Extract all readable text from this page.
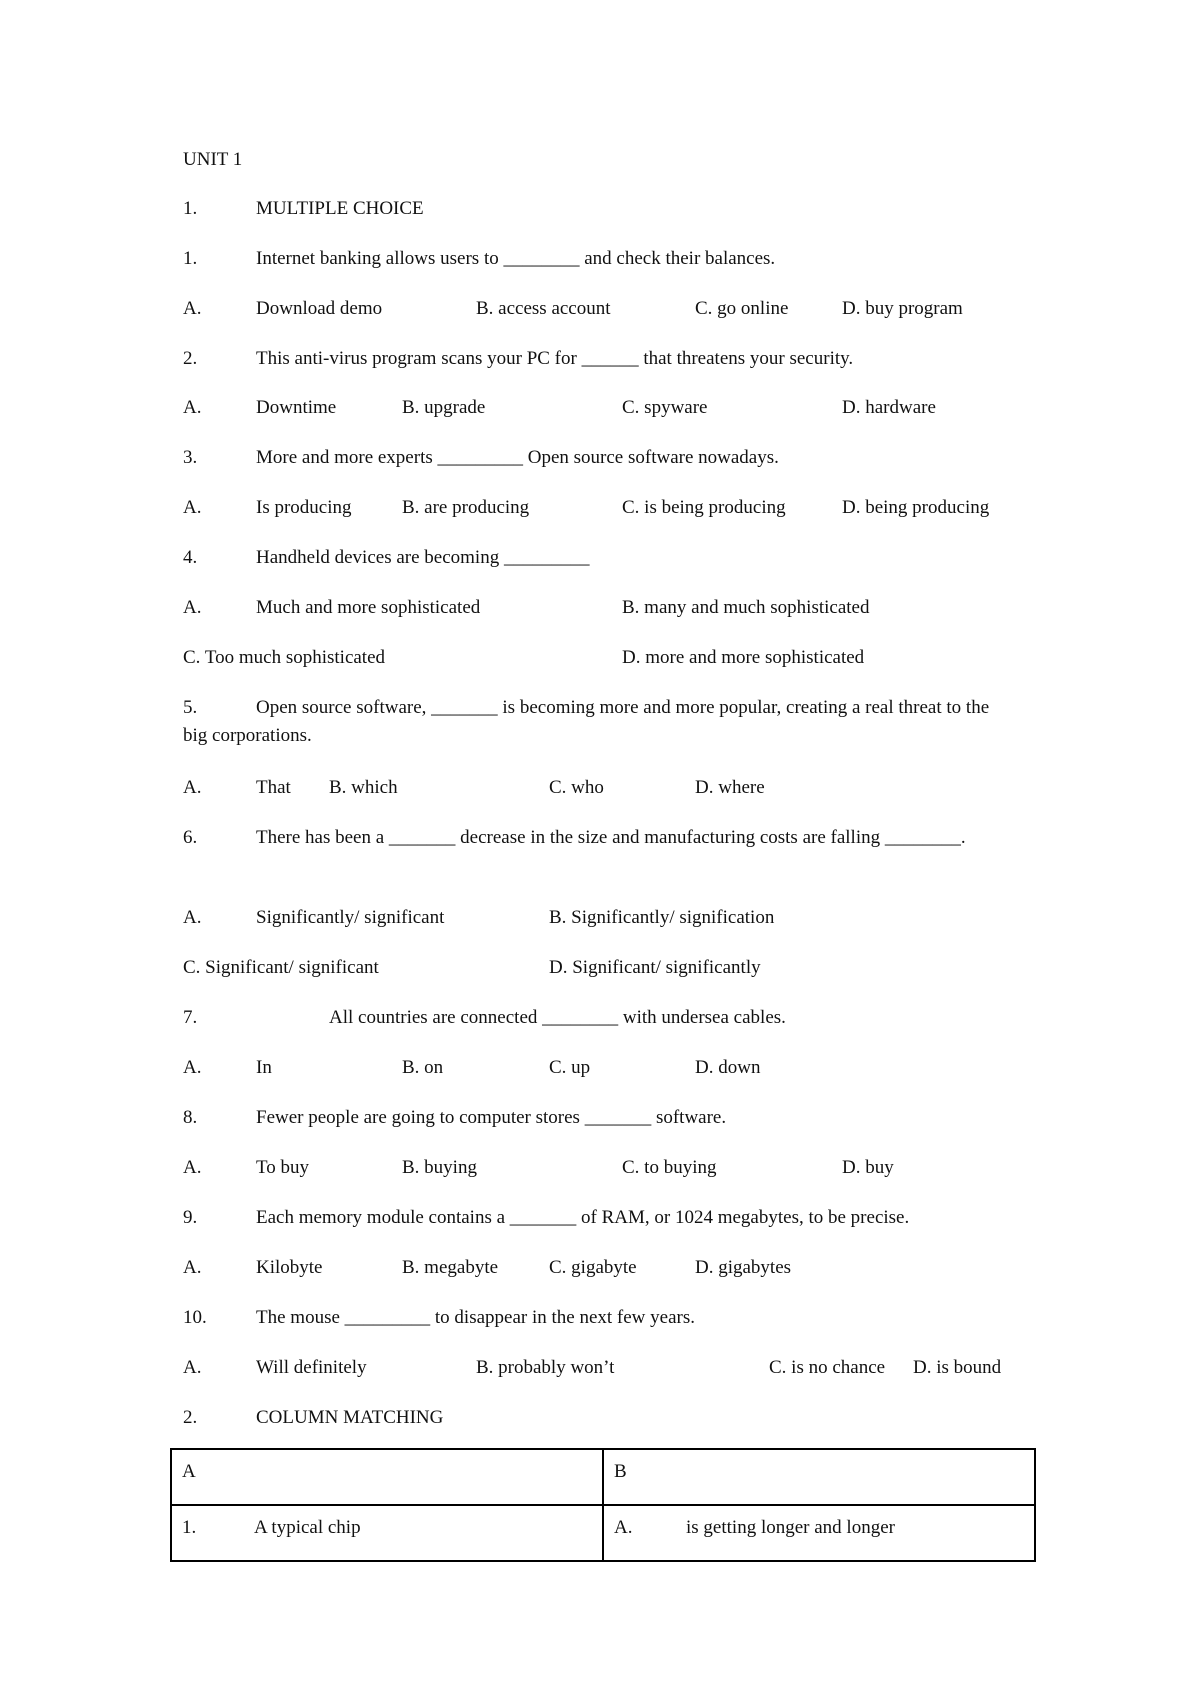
UNIT 1
1.	MULTIPLE CHOICE
1.	Internet banking allows users to ________ and check their balances.
A.	Download demo	B. access account	C. go online	D. buy program
2.	This anti-virus program scans your PC for ______ that threatens your security.
A.	Downtime	B. upgrade	C. spyware	D. hardware
3.	More and more experts _________ Open source software nowadays.
A.	Is producing	B. are producing	C. is being producing	D. being producing
4.	Handheld devices are becoming _________
A.	Much and more sophisticated	B. many and much sophisticated
C. Too much sophisticated	D. more and more sophisticated
5.	Open source software, _______ is becoming more and more popular, creating a real threat to the big corporations.
A.	That B. which	C. who	D. where
6.	There has been a _______ decrease in the size and manufacturing costs are falling ________.
A.	Significantly/ significant	B. Significantly/ signification
C. Significant/ significant	D. Significant/ significantly
7.	All countries are connected ________ with undersea cables.
A.	In	B. on	C. up	D. down
8.	Fewer people are going to computer stores _______ software.
A.	To buy	B. buying	C. to buying	D. buy
9.	Each memory module contains a _______ of RAM, or 1024 megabytes, to be precise.
A.	Kilobyte	B. megabyte	C. gigabyte	D. gigabytes
10.	The mouse _________ to disappear in the next few years.
A.	Will definitely	B. probably won’t	C. is no chance D. is bound
2.	COLUMN MATCHING
A	B
1. A typical chip	A. is getting longer and longer
